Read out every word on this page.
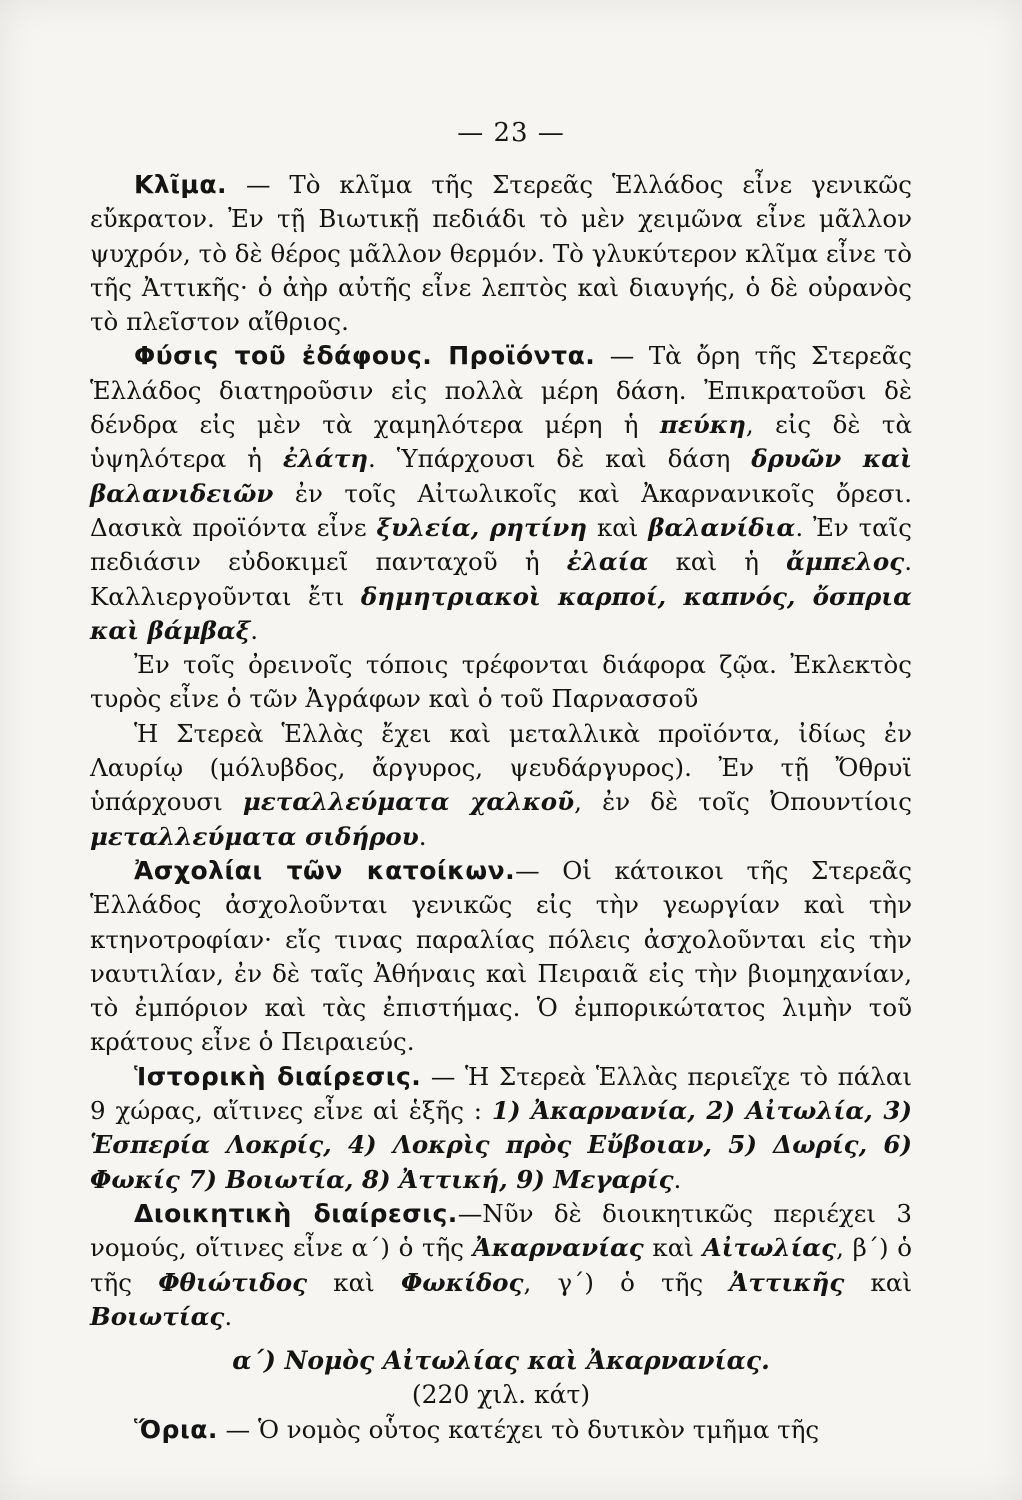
— 23 —

Κλῖμα. — Τὸ κλῖμα τῆς Στερεᾶς Ἑλλάδος εἶνε γενικῶς εὔκρατον. Ἐν τῇ Βιωτικῇ πεδιάδι τὸ μὲν χειμῶνα εἶνε μᾶλλον ψυχρόν, τὸ δὲ θέρος μᾶλλον θερμόν. Τὸ γλυκύτερον κλῖμα εἶνε τὸ τῆς Ἀττικῆς· ὁ ἀὴρ αὐτῆς εἶνε λεπτὸς καὶ διαυγής, ὁ δὲ οὐρανὸς τὸ πλεῖστον αἴθριος.

Φύσις τοῦ ἐδάφους. Προϊόντα. — Τὰ ὄρη τῆς Στερεᾶς Ἑλλάδος διατηροῦσιν εἰς πολλὰ μέρη δάση. Ἐπικρατοῦσι δὲ δένδρα εἰς μὲν τὰ χαμηλότερα μέρη ἡ πεύκη, εἰς δὲ τὰ ὑψηλότερα ἡ ἐλάτη. Ὑπάρχουσι δὲ καὶ δάση δρυῶν καὶ βαλανιδειῶν ἐν τοῖς Αἰτωλικοῖς καὶ Ἀκαρνανικοῖς ὄρεσι. Δασικὰ προϊόντα εἶνε ξυλεία, ρητίνη καὶ βαλανίδια. Ἐν ταῖς πεδιάσιν εὐδοκιμεῖ πανταχοῦ ἡ ἐλαία καὶ ἡ ἄμπελος. Καλλιεργοῦνται ἔτι δημητριακοὶ καρποί, καπνός, ὄσπρια καὶ βάμβαξ.

Ἐν τοῖς ὀρεινοῖς τόποις τρέφονται διάφορα ζῷα. Ἐκλεκτὸς τυρὸς εἶνε ὁ τῶν Ἀγράφων καὶ ὁ τοῦ Παρνασσοῦ

Ἡ Στερεὰ Ἑλλὰς ἔχει καὶ μεταλλικὰ προϊόντα, ἰδίως ἐν Λαυρίῳ (μόλυβδος, ἄργυρος, ψευδάργυρος). Ἐν τῇ Ὄθρυϊ ὑπάρχουσι μεταλλεύματα χαλκοῦ, ἐν δὲ τοῖς Ὀπουντίοις μεταλλεύματα σιδήρου.

Ἀσχολίαι τῶν κατοίκων.— Οἱ κάτοικοι τῆς Στερεᾶς Ἑλλάδος ἀσχολοῦνται γενικῶς εἰς τὴν γεωργίαν καὶ τὴν κτηνοτροφίαν· εἴς τινας παραλίας πόλεις ἀσχολοῦνται εἰς τὴν ναυτιλίαν, ἐν δὲ ταῖς Ἀθήναις καὶ Πειραιᾶ εἰς τὴν βιομηχανίαν, τὸ ἐμπόριον καὶ τὰς ἐπιστήμας. Ὁ ἐμπορικώτατος λιμὴν τοῦ κράτους εἶνε ὁ Πειραιεύς.

Ἱστορικὴ διαίρεσις. — Ἡ Στερεὰ Ἑλλὰς περιεῖχε τὸ πάλαι 9 χώρας, αἵτινες εἶνε αἱ ἑξῆς : 1) Ἀκαρνανία, 2) Αἰτωλία, 3) Ἑσπερία Λοκρίς, 4) Λοκρὶς πρὸς Εὔβοιαν, 5) Δωρίς, 6) Φωκίς 7) Βοιωτία, 8) Ἀττική, 9) Μεγαρίς.

Διοικητικὴ διαίρεσις.—Νῦν δὲ διοικητικῶς περιέχει 3 νομούς, οἵτινες εἶνε α΄) ὁ τῆς Ἀκαρνανίας καὶ Αἰτωλίας, β΄) ὁ τῆς Φθιώτιδος καὶ Φωκίδος, γ΄) ὁ τῆς Ἀττικῆς καὶ Βοιωτίας.

α΄) Νομὸς Αἰτωλίας καὶ Ἀκαρνανίας.

(220 χιλ. κάτ)

Ὅρια. — Ὁ νομὸς οὗτος κατέχει τὸ δυτικὸν τμῆμα τῆς
